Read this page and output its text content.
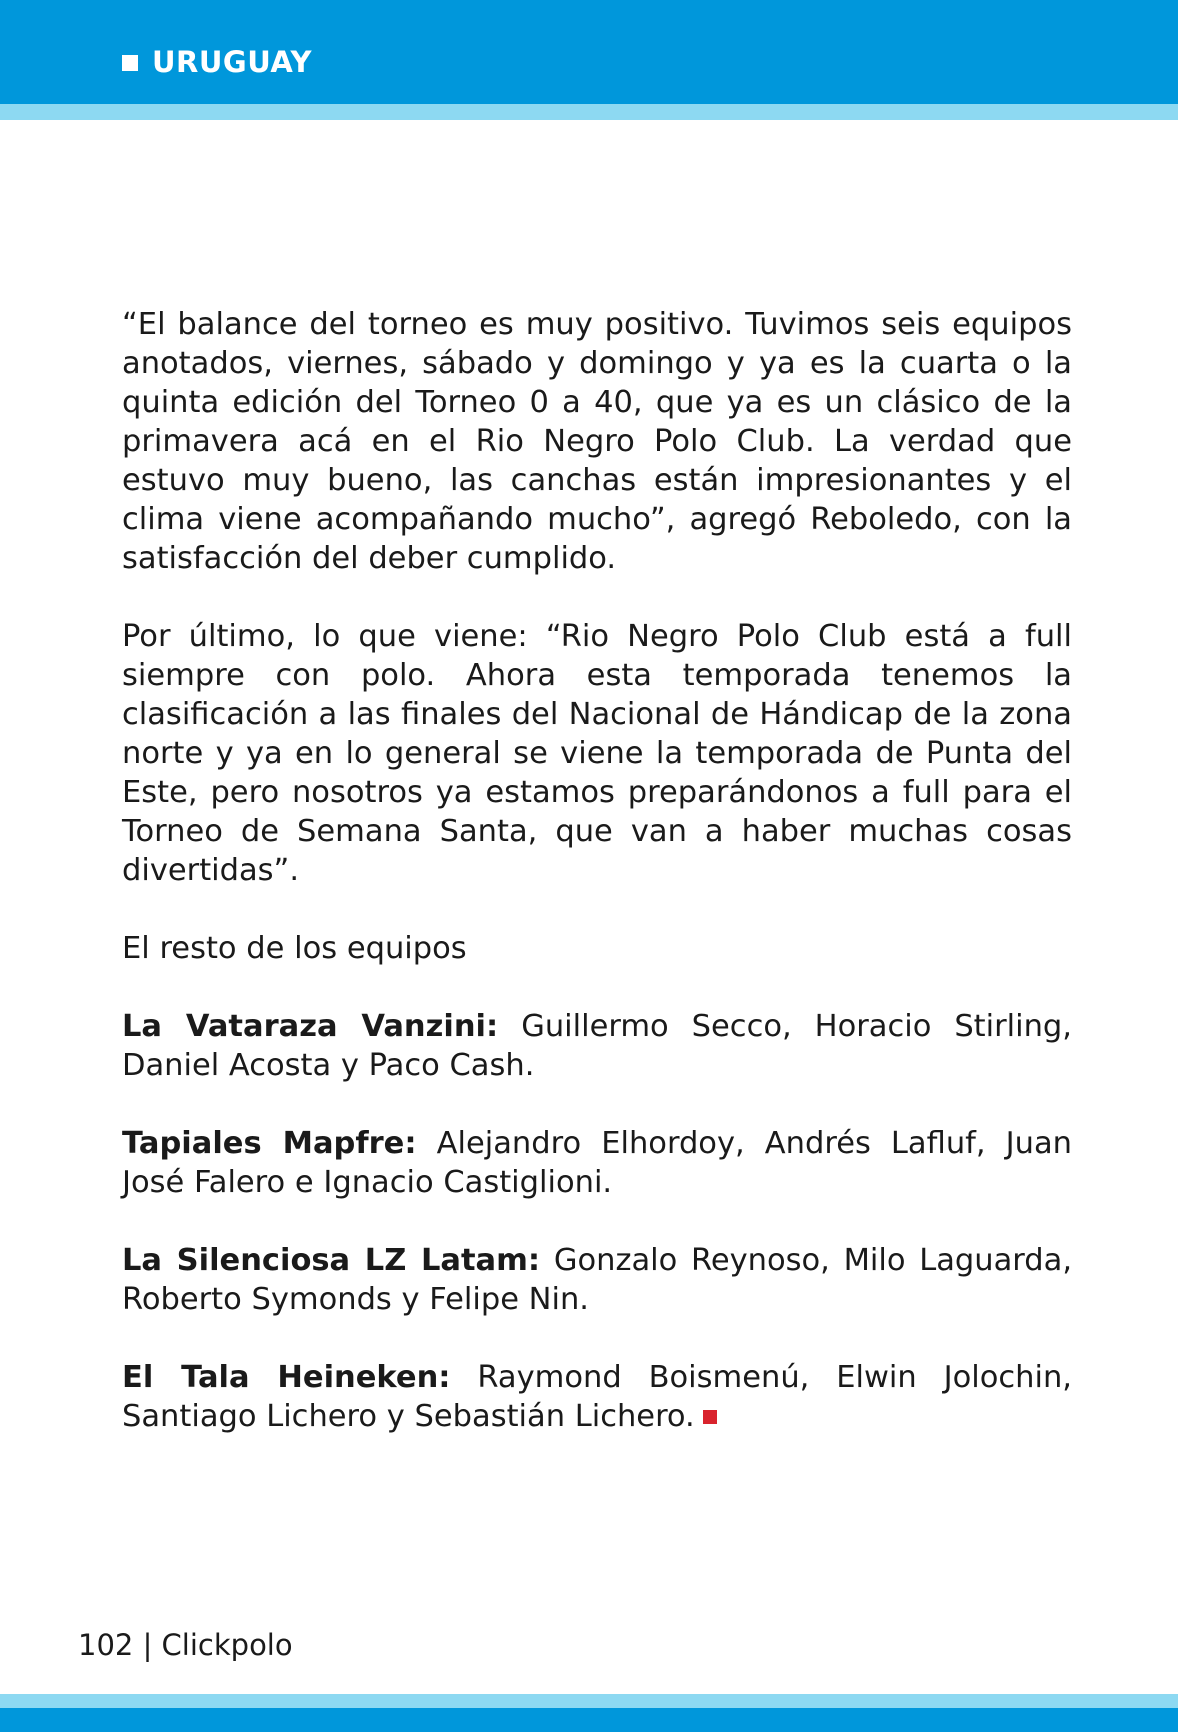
URUGUAY

“El balance del torneo es muy positivo. Tuvimos seis equipos anotados, viernes, sábado y domingo y ya es la cuarta o la quinta edición del Torneo 0 a 40, que ya es un clásico de la primavera acá en el Rio Negro Polo Club. La verdad que estuvo muy bueno, las canchas están impresionantes y el clima viene acompañando mucho”, agregó Reboledo, con la satisfacción del deber cumplido.

Por último, lo que viene: “Rio Negro Polo Club está a full siempre con polo. Ahora esta temporada tenemos la clasificación a las finales del Nacional de Hándicap de la zona norte y ya en lo general se viene la temporada de Punta del Este, pero nosotros ya estamos preparándonos a full para el Torneo de Semana Santa, que van a haber muchas cosas divertidas”.

El resto de los equipos

La Vataraza Vanzini: Guillermo Secco, Horacio Stirling, Daniel Acosta y Paco Cash.

Tapiales Mapfre: Alejandro Elhordoy, Andrés Lafluf, Juan José Falero e Ignacio Castiglioni.

La Silenciosa LZ Latam: Gonzalo Reynoso, Milo Laguarda, Roberto Symonds y Felipe Nin.

El Tala Heineken: Raymond Boismenú, Elwin Jolochin, Santiago Lichero y Sebastián Lichero.

102 | Clickpolo
